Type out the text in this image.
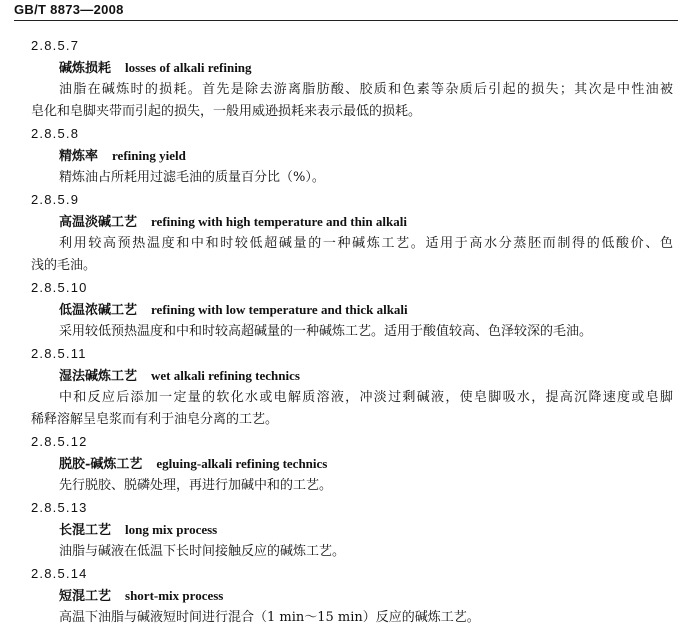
GB/T 8873—2008
2.8.5.7
碱炼损耗 losses of alkali refining
油脂在碱炼时的损耗。首先是除去游离脂肪酸、胶质和色素等杂质后引起的损失；其次是中性油被
皂化和皂脚夹带而引起的损失，一般用威逊损耗来表示最低的损耗。
2.8.5.8
精炼率 refining yield
精炼油占所耗用过滤毛油的质量百分比（%）。
2.8.5.9
高温淡碱工艺 refining with high temperature and thin alkali
利用较高预热温度和中和时较低超碱量的一种碱炼工艺。适用于高水分蒸胚而制得的低酸价、色
浅的毛油。
2.8.5.10
低温浓碱工艺 refining with low temperature and thick alkali
采用较低预热温度和中和时较高超碱量的一种碱炼工艺。适用于酸值较高、色泽较深的毛油。
2.8.5.11
湿法碱炼工艺 wet alkali refining technics
中和反应后添加一定量的软化水或电解质溶液，冲淡过剩碱液，使皂脚吸水，提高沉降速度或皂脚
稀释溶解呈皂浆而有利于油皂分离的工艺。
2.8.5.12
脱胶-碱炼工艺 egluing-alkali refining technics
先行脱胶、脱磷处理，再进行加碱中和的工艺。
2.8.5.13
长混工艺 long mix process
油脂与碱液在低温下长时间接触反应的碱炼工艺。
2.8.5.14
短混工艺 short-mix process
高温下油脂与碱液短时间进行混合（1 min～15 min）反应的碱炼工艺。
